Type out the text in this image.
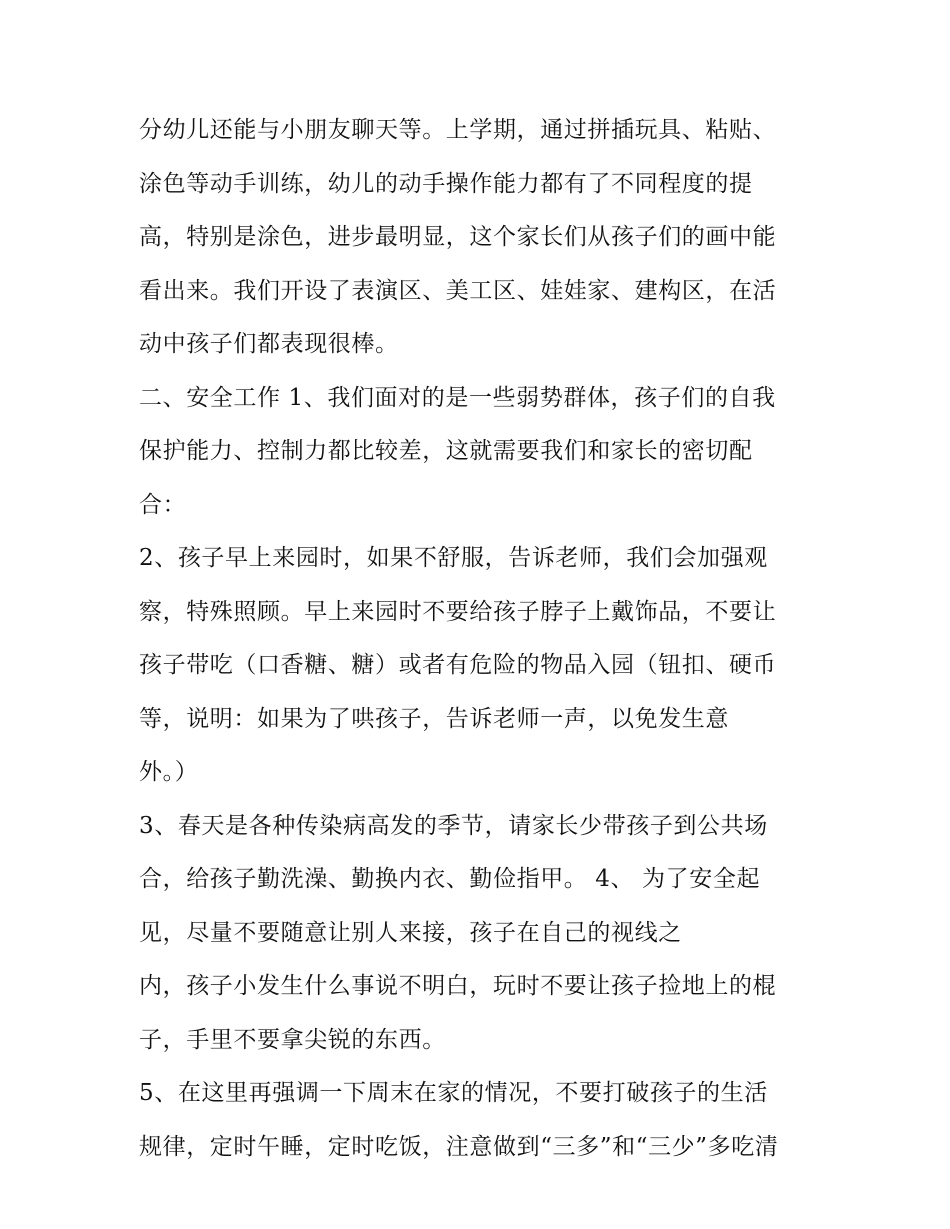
分幼儿还能与小朋友聊天等。上学期，通过拼插玩具、粘贴、
涂色等动手训练，幼儿的动手操作能力都有了不同程度的提
高，特别是涂色，进步最明显，这个家长们从孩子们的画中能
看出来。我们开设了表演区、美工区、娃娃家、建构区，在活
动中孩子们都表现很棒。
二、安全工作 1、我们面对的是一些弱势群体，孩子们的自我
保护能力、控制力都比较差，这就需要我们和家长的密切配
合：
2、孩子早上来园时，如果不舒服，告诉老师，我们会加强观
察，特殊照顾。早上来园时不要给孩子脖子上戴饰品，不要让
孩子带吃（口香糖、糖）或者有危险的物品入园（钮扣、硬币
等，说明：如果为了哄孩子，告诉老师一声，以免发生意
外。）
3、春天是各种传染病高发的季节，请家长少带孩子到公共场
合，给孩子勤洗澡、勤换内衣、勤俭指甲。 4、 为了安全起
见，尽量不要随意让别人来接，孩子在自己的视线之
内，孩子小发生什么事说不明白，玩时不要让孩子捡地上的棍
子，手里不要拿尖锐的东西。
5、在这里再强调一下周末在家的情况，不要打破孩子的生活
规律，定时午睡，定时吃饭，注意做到“三多”和“三少”多吃清
